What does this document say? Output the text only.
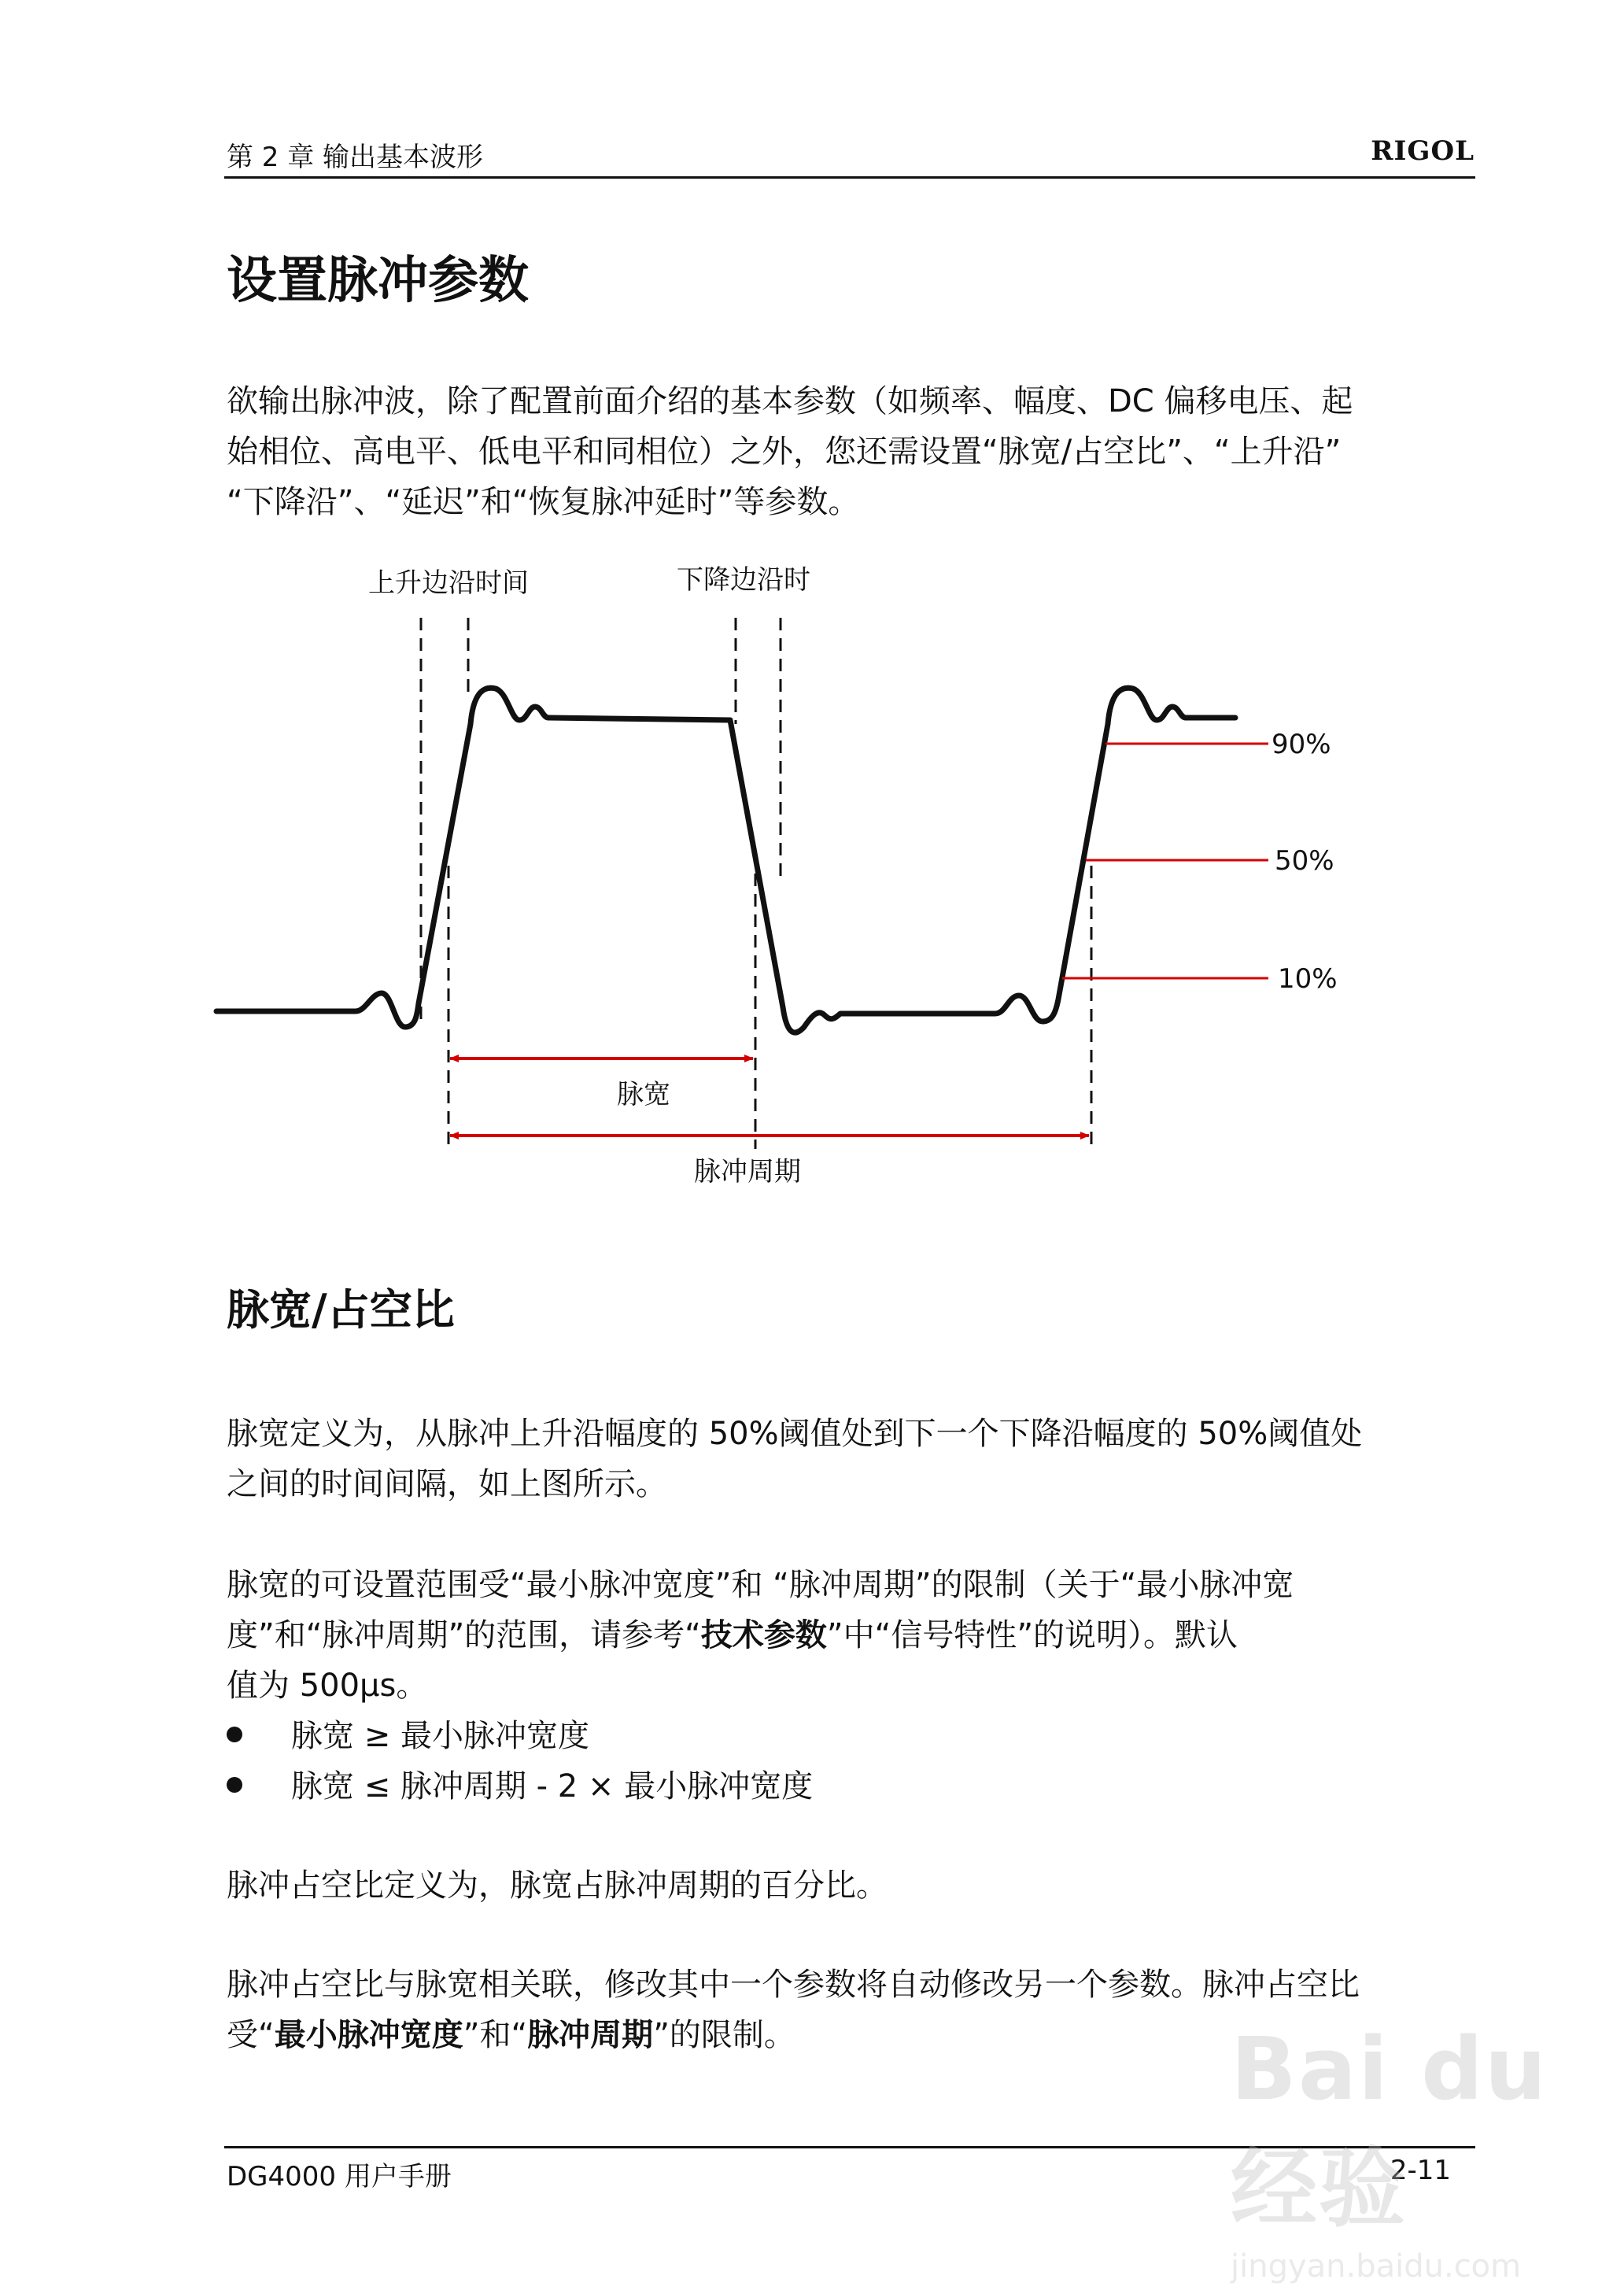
第 2 章 输出基本波形	RIGOL
设置脉冲参数

欲输出脉冲波，除了配置前面介绍的基本参数（如频率、幅度、DC 偏移电压、起
始相位、高电平、低电平和同相位）之外，您还需设置“脉宽/占空比”、“上升沿”
“下降沿”、“延迟”和“恢复脉冲延时”等参数。

上升边沿时间	下降边沿时
脉宽
脉冲周期
90%
50%
10%
脉宽/占空比

脉宽定义为，从脉冲上升沿幅度的 50%阈值处到下一个下降沿幅度的 50%阈值处
之间的时间间隔，如上图所示。

脉宽的可设置范围受“最小脉冲宽度”和 “脉冲周期”的限制（关于“最小脉冲宽
度”和“脉冲周期”的范围，请参考“技术参数”中“信号特性”的说明）。默认
值为 500μs。

脉宽 ≥ 最小脉冲宽度
脉宽 ≤ 脉冲周期 - 2 × 最小脉冲宽度

脉冲占空比定义为，脉宽占脉冲周期的百分比。

脉冲占空比与脉宽相关联，修改其中一个参数将自动修改另一个参数。脉冲占空比
受“最小脉冲宽度”和“脉冲周期”的限制。

DG4000 用户手册	2-11
Bai du 经验
jingyan.baidu.com
